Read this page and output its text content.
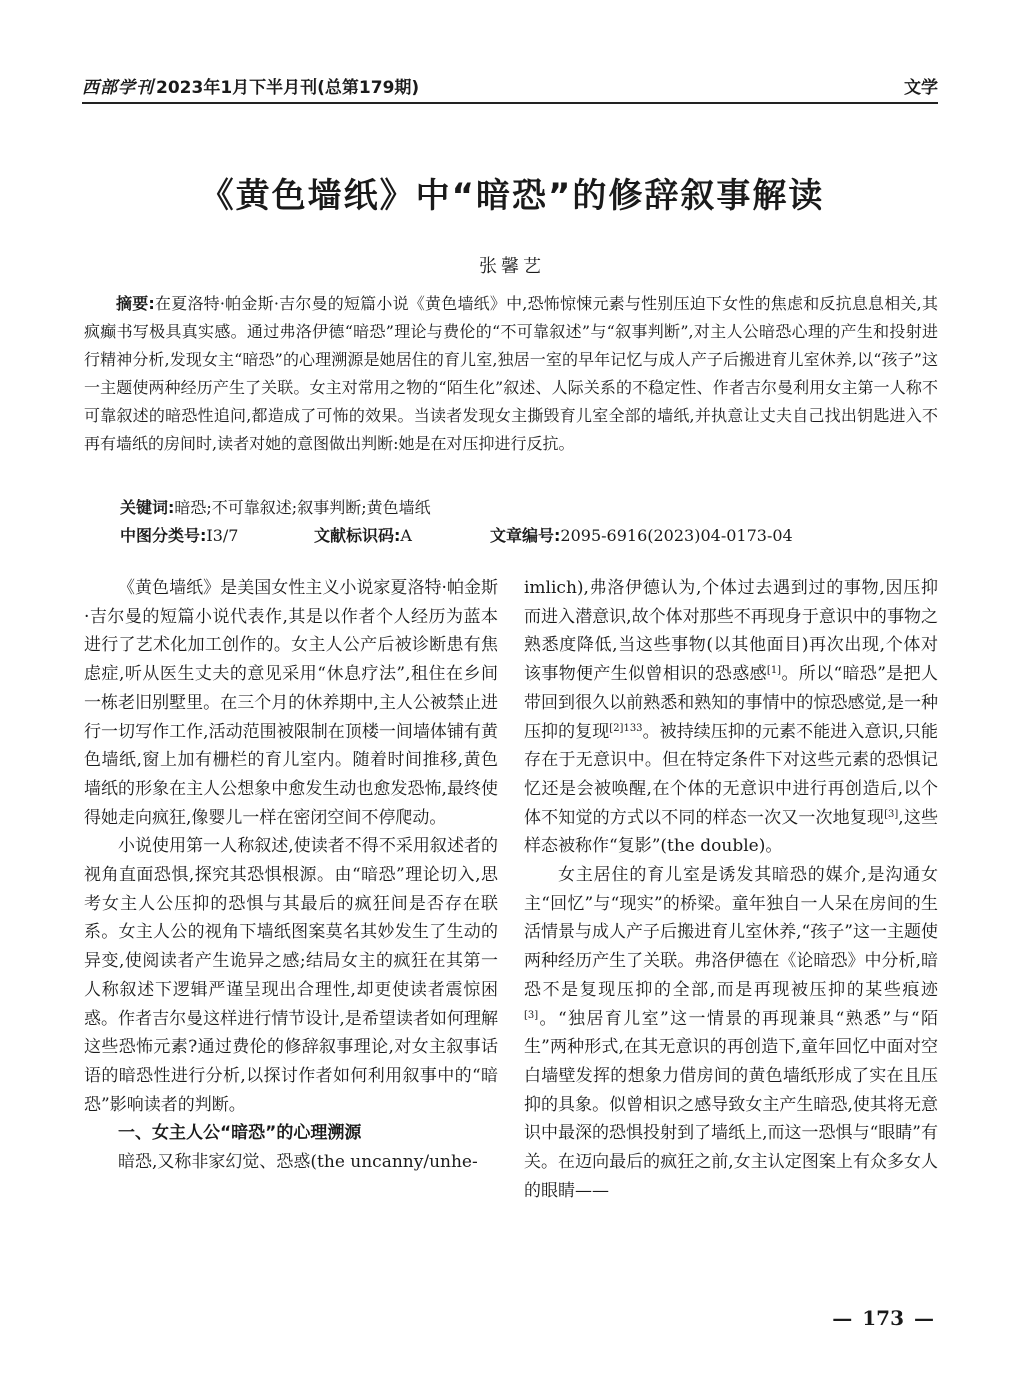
西部学刊 2023年1月下半月刊(总第179期)	文学
《黄色墙纸》中“暗恐”的修辞叙事解读
张馨艺

摘要:在夏洛特·帕金斯·吉尔曼的短篇小说《黄色墙纸》中,恐怖惊悚元素与性别压迫下女性的焦虑和反抗息息相关,其疯癫书写极具真实感。通过弗洛伊德“暗恐”理论与费伦的“不可靠叙述”与“叙事判断”,对主人公暗恐心理的产生和投射进行精神分析,发现女主“暗恐”的心理溯源是她居住的育儿室,独居一室的早年记忆与成人产子后搬进育儿室休养,以“孩子”这一主题使两种经历产生了关联。女主对常用之物的“陌生化”叙述、人际关系的不稳定性、作者吉尔曼利用女主第一人称不可靠叙述的暗恐性追问,都造成了可怖的效果。当读者发现女主撕毁育儿室全部的墙纸,并执意让丈夫自己找出钥匙进入不再有墙纸的房间时,读者对她的意图做出判断:她是在对压抑进行反抗。

关键词:暗恐;不可靠叙述;叙事判断;黄色墙纸
中图分类号:I3/7	文献标识码:A	文章编号:2095-6916(2023)04-0173-04

《黄色墙纸》是美国女性主义小说家夏洛特·帕金斯·吉尔曼的短篇小说代表作,其是以作者个人经历为蓝本进行了艺术化加工创作的。女主人公产后被诊断患有焦虑症,听从医生丈夫的意见采用“休息疗法”,租住在乡间一栋老旧别墅里。在三个月的休养期中,主人公被禁止进行一切写作工作,活动范围被限制在顶楼一间墙体铺有黄色墙纸,窗上加有栅栏的育儿室内。随着时间推移,黄色墙纸的形象在主人公想象中愈发生动也愈发恐怖,最终使得她走向疯狂,像婴儿一样在密闭空间不停爬动。

小说使用第一人称叙述,使读者不得不采用叙述者的视角直面恐惧,探究其恐惧根源。由“暗恐”理论切入,思考女主人公压抑的恐惧与其最后的疯狂间是否存在联系。女主人公的视角下墙纸图案莫名其妙发生了生动的异变,使阅读者产生诡异之感;结局女主的疯狂在其第一人称叙述下逻辑严谨呈现出合理性,却更使读者震惊困惑。作者吉尔曼这样进行情节设计,是希望读者如何理解这些恐怖元素?通过费伦的修辞叙事理论,对女主叙事话语的暗恐性进行分析,以探讨作者如何利用叙事中的“暗恐”影响读者的判断。

一、女主人公“暗恐”的心理溯源

暗恐,又称非家幻觉、恐惑(the uncanny/unhe-

imlich),弗洛伊德认为,个体过去遇到过的事物,因压抑而进入潜意识,故个体对那些不再现身于意识中的事物之熟悉度降低,当这些事物(以其他面目)再次出现,个体对该事物便产生似曾相识的恐惑感[1]。所以“暗恐”是把人带回到很久以前熟悉和熟知的事情中的惊恐感觉,是一种压抑的复现$^{[2]133}$。被持续压抑的元素不能进入意识,只能存在于无意识中。但在特定条件下对这些元素的恐惧记忆还是会被唤醒,在个体的无意识中进行再创造后,以个体不知觉的方式以不同的样态一次又一次地复现[3],这些样态被称作“复影”(the double)。

女主居住的育儿室是诱发其暗恐的媒介,是沟通女主“回忆”与“现实”的桥梁。童年独自一人呆在房间的生活情景与成人产子后搬进育儿室休养,“孩子”这一主题使两种经历产生了关联。弗洛伊德在《论暗恐》中分析,暗恐不是复现压抑的全部,而是再现被压抑的某些痕迹[3]。“独居育儿室”这一情景的再现兼具“熟悉”与“陌生”两种形式,在其无意识的再创造下,童年回忆中面对空白墙壁发挥的想象力借房间的黄色墙纸形成了实在且压抑的具象。似曾相识之感导致女主产生暗恐,使其将无意识中最深的恐惧投射到了墙纸上,而这一恐惧与“眼睛”有关。在迈向最后的疯狂之前,女主认定图案上有众多女人的眼睛——

— 173 —
